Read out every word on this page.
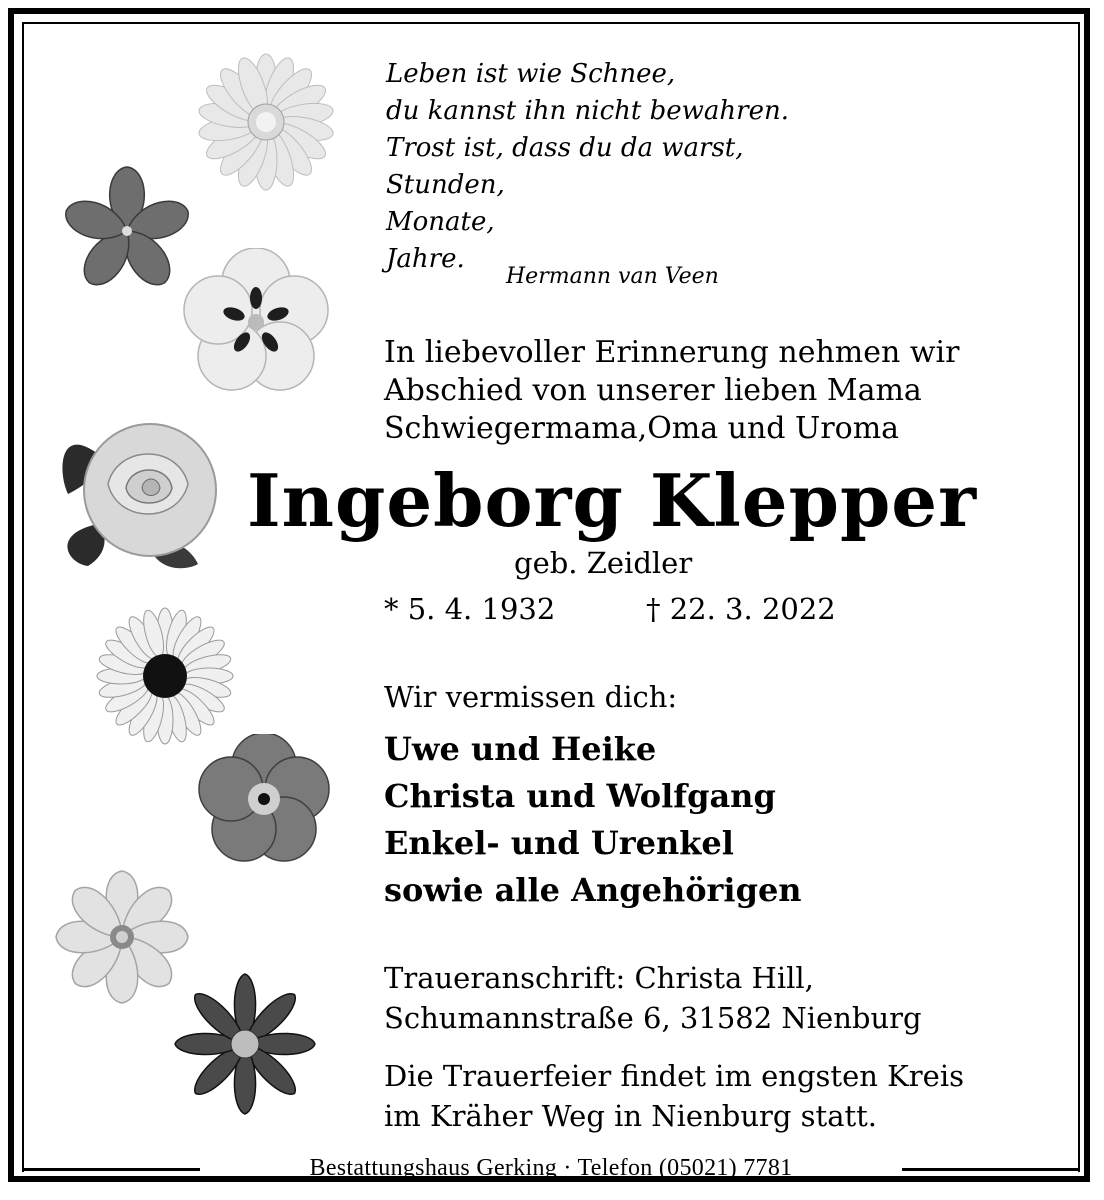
Leben ist wie Schnee,
du kannst ihn nicht bewahren.
Trost ist, dass du da warst,
Stunden,
Monate,
Jahre.
Hermann van Veen
In liebevoller Erinnerung nehmen wir
Abschied von unserer lieben Mama
Schwiegermama,Oma und Uroma
Ingeborg Klepper
geb. Zeidler
* 5. 4. 1932	† 22. 3. 2022
Wir vermissen dich:
Uwe und Heike
Christa und Wolfgang
Enkel- und Urenkel
sowie alle Angehörigen
Traueranschrift: Christa Hill,
Schumannstraße 6, 31582 Nienburg
Die Trauerfeier findet im engsten Kreis
im Kräher Weg in Nienburg statt.
Bestattungshaus Gerking · Telefon (05021) 7781
